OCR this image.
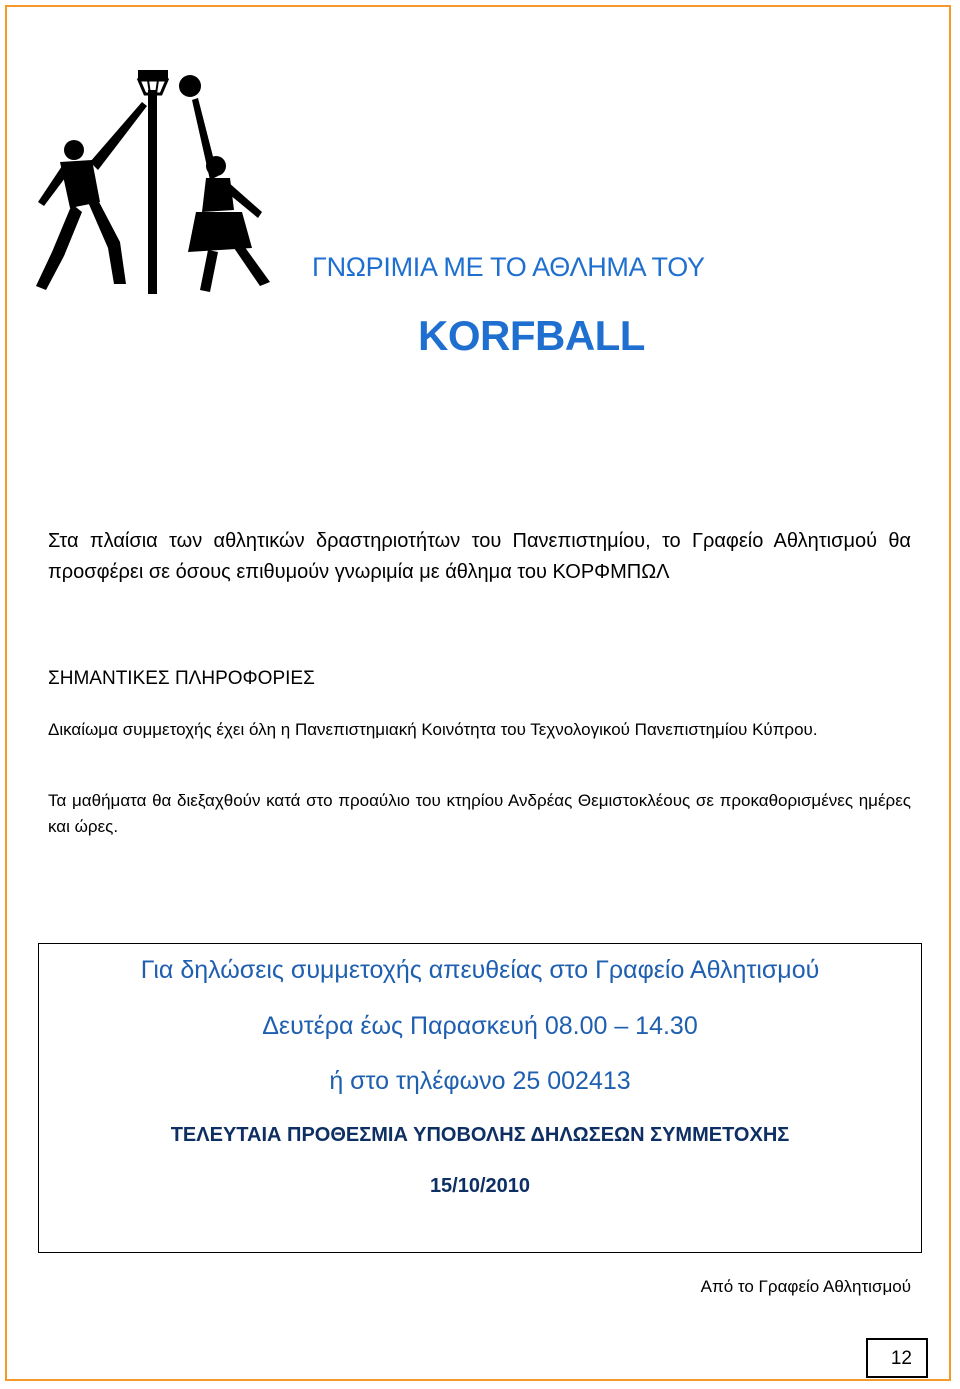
ΓΝΩΡΙΜΙΑ ΜΕ ΤΟ ΑΘΛΗΜΑ ΤΟΥ
KORFBALL
Στα πλαίσια των αθλητικών δραστηριοτήτων του Πανεπιστημίου, το Γραφείο Αθλητισμού θα προσφέρει σε όσους επιθυμούν γνωριμία με άθλημα του ΚΟΡΦΜΠΩΛ
ΣΗΜΑΝΤΙΚΕΣ ΠΛΗΡΟΦΟΡΙΕΣ
Δικαίωμα συμμετοχής έχει όλη η Πανεπιστημιακή Κοινότητα του Τεχνολογικού Πανεπιστημίου Κύπρου.
Τα μαθήματα θα διεξαχθούν κατά στο προαύλιο του κτηρίου Ανδρέας Θεμιστοκλέους σε προκαθορισμένες ημέρες και ώρες.
Για δηλώσεις συμμετοχής απευθείας στο Γραφείο Αθλητισμού
Δευτέρα έως Παρασκευή 08.00 – 14.30
ή στο τηλέφωνο 25 002413
ΤΕΛΕΥΤΑΙΑ ΠΡΟΘΕΣΜΙΑ ΥΠΟΒΟΛΗΣ ΔΗΛΩΣΕΩΝ ΣΥΜΜΕΤΟΧΗΣ
15/10/2010
Από το Γραφείο Αθλητισμού
12
